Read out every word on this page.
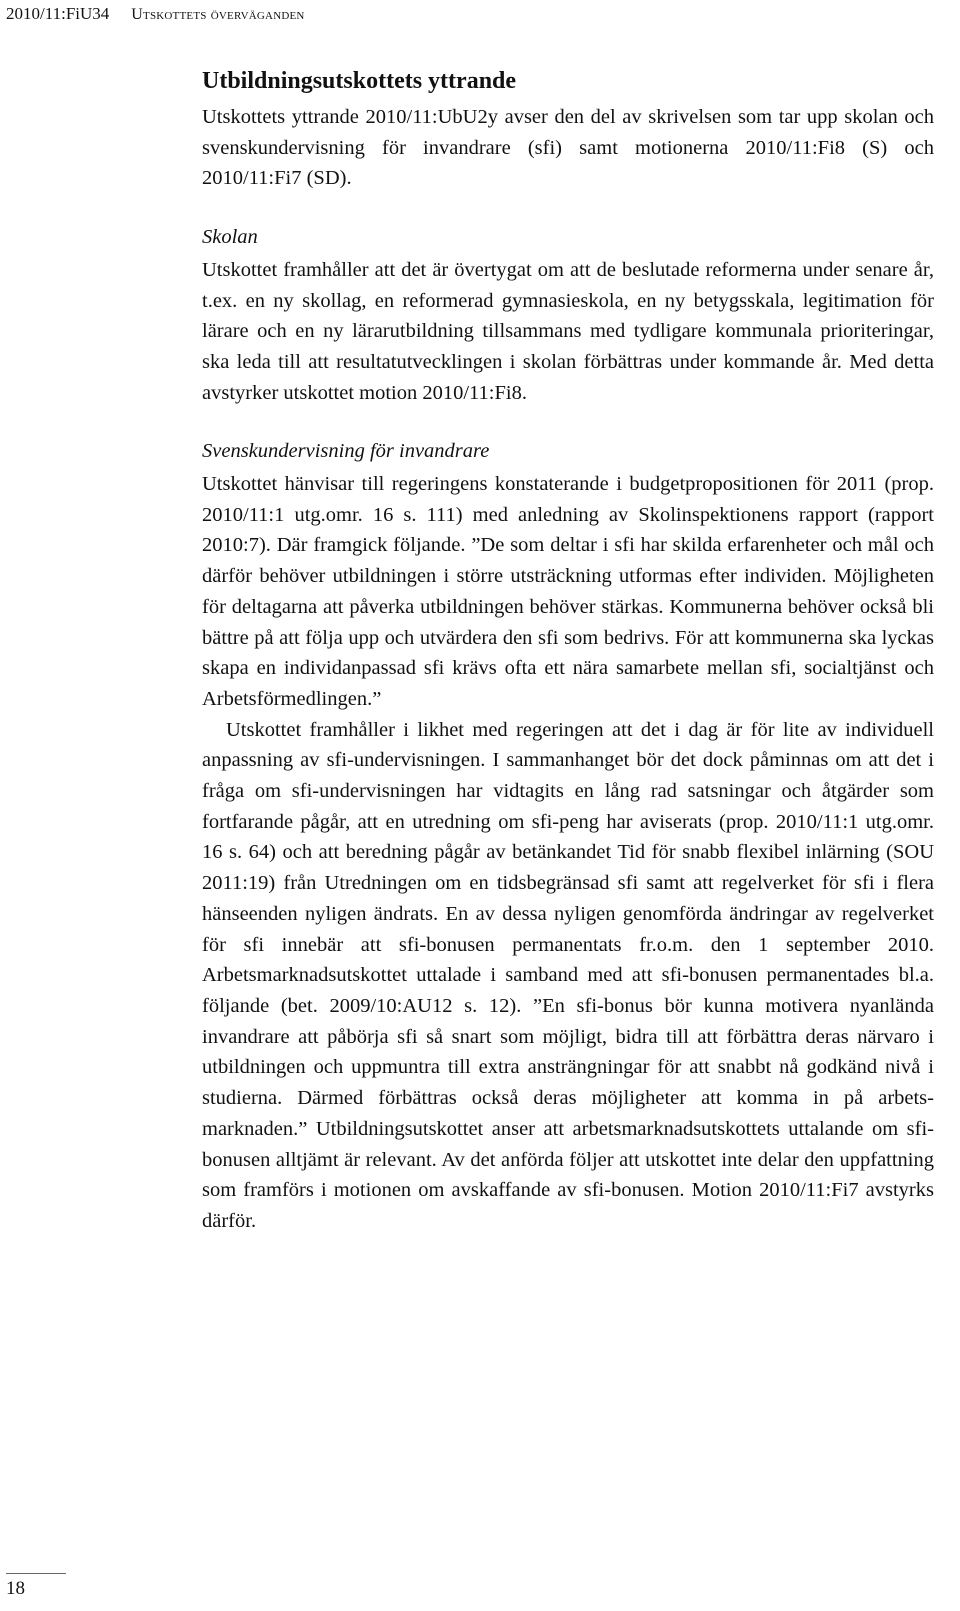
2010/11:FiU34 Utskottets överväganden
Utbildningsutskottets yttrande

Utskottets yttrande 2010/11:UbU2y avser den del av skrivelsen som tar upp skolan och svenskundervisning för invandrare (sfi) samt motionerna 2010/11:Fi8 (S) och 2010/11:Fi7 (SD).

Skolan

Utskottet framhåller att det är övertygat om att de beslutade reformerna under senare år, t.ex. en ny skollag, en reformerad gymnasieskola, en ny betygsskala, legitimation för lärare och en ny lärarutbildning tillsammans med tydligare kommunala prioriteringar, ska leda till att resultatutvecklingen i skolan förbättras under kommande år. Med detta avstyrker utskottet motion 2010/11:Fi8.

Svenskundervisning för invandrare

Utskottet hänvisar till regeringens konstaterande i budgetpropositionen för 2011 (prop. 2010/11:1 utg.omr. 16 s. 111) med anledning av Skolinspektionens rapport (rapport 2010:7). Där framgick följande. ”De som deltar i sfi har skilda erfarenheter och mål och därför behöver utbildningen i större utsträckning utformas efter individen. Möjligheten för deltagarna att påverka utbildningen behöver stärkas. Kommunerna behöver också bli bättre på att följa upp och utvärdera den sfi som bedrivs. För att kommunerna ska lyckas skapa en individanpassad sfi krävs ofta ett nära samarbete mellan sfi, socialtjänst och Arbetsförmedlingen.”

Utskottet framhåller i likhet med regeringen att det i dag är för lite av individuell anpassning av sfi-undervisningen. I sammanhanget bör det dock påminnas om att det i fråga om sfi-undervisningen har vidtagits en lång rad satsningar och åtgärder som fortfarande pågår, att en utredning om sfi-peng har aviserats (prop. 2010/11:1 utg.omr. 16 s. 64) och att beredning pågår av betänkandet Tid för snabb flexibel inlärning (SOU 2011:19) från Utredningen om en tidsbegränsad sfi samt att regelverket för sfi i flera hänseenden nyligen ändrats. En av dessa nyligen genomförda ändringar av regelverket för sfi innebär att sfi-bonusen permanentats fr.o.m. den 1 september 2010. Arbetsmarknadsutskottet uttalade i samband med att sfi-bonusen permanentades bl.a. följande (bet. 2009/10:AU12 s. 12). ”En sfi-bonus bör kunna motivera nyanlända invandrare att påbörja sfi så snart som möjligt, bidra till att förbättra deras närvaro i utbildningen och uppmuntra till extra ansträngningar för att snabbt nå godkänd nivå i studierna. Därmed förbättras också deras möjligheter att komma in på arbetsmarknaden.” Utbildningsutskottet anser att arbetsmarknadsutskottets uttalande om sfi-bonusen alltjämt är relevant. Av det anförda följer att utskottet inte delar den uppfattning som framförs i motionen om avskaffande av sfi-bonusen. Motion 2010/11:Fi7 avstyrks därför.

18
